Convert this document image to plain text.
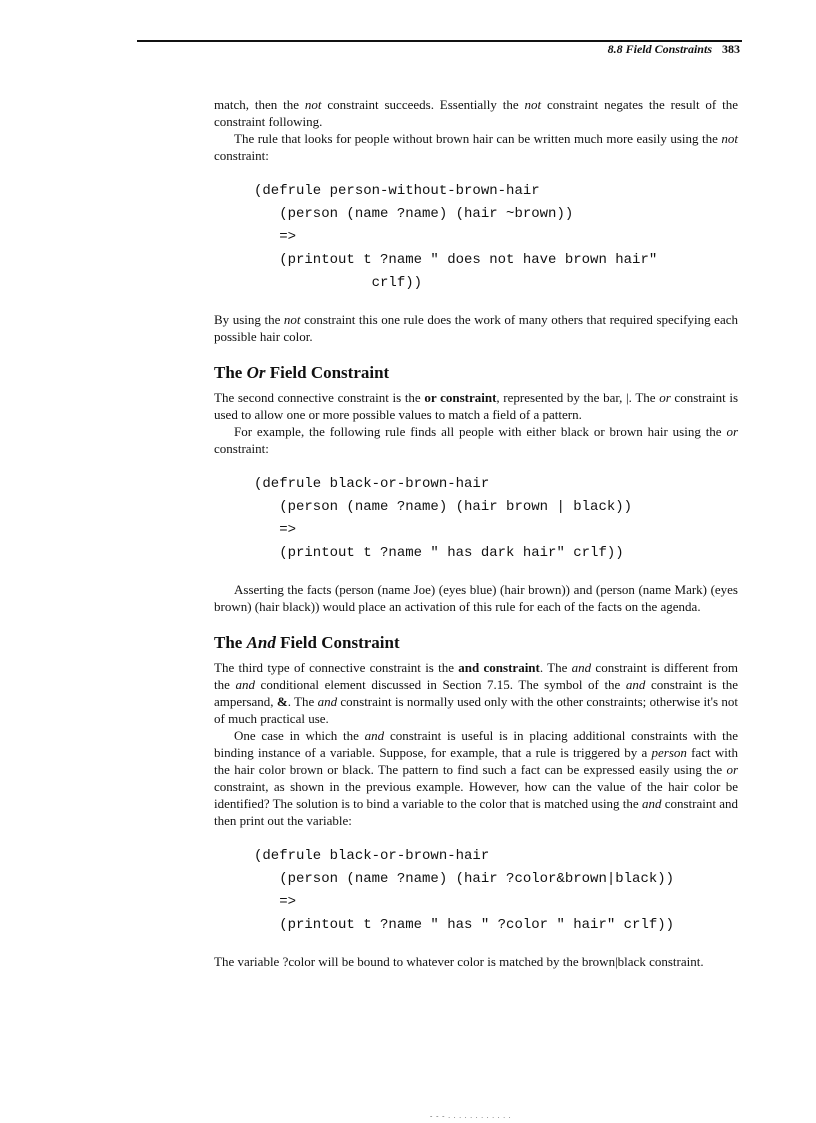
8.8 Field Constraints 383

match, then the not constraint succeeds. Essentially the not constraint negates the result of the constraint following.

The rule that looks for people without brown hair can be written much more easily using the not constraint:

(defrule person-without-brown-hair
(person (name ?name) (hair ~brown))
=>
(printout t ?name " does not have brown hair"
crlf))

By using the not constraint this one rule does the work of many others that required specifying each possible hair color.

The Or Field Constraint

The second connective constraint is the or constraint, represented by the bar, |. The or constraint is used to allow one or more possible values to match a field of a pattern.

For example, the following rule finds all people with either black or brown hair using the or constraint:

(defrule black-or-brown-hair
(person (name ?name) (hair brown | black))
=>
(printout t ?name " has dark hair" crlf))

Asserting the facts (person (name Joe) (eyes blue) (hair brown)) and (person (name Mark) (eyes brown) (hair black)) would place an activation of this rule for each of the facts on the agenda.

The And Field Constraint

The third type of connective constraint is the and constraint. The and constraint is different from the and conditional element discussed in Section 7.15. The symbol of the and constraint is the ampersand, &. The and constraint is normally used only with the other constraints; otherwise it's not of much practical use.

One case in which the and constraint is useful is in placing additional constraints with the binding instance of a variable. Suppose, for example, that a rule is triggered by a person fact with the hair color brown or black. The pattern to find such a fact can be expressed easily using the or constraint, as shown in the previous example. However, how can the value of the hair color be identified? The solution is to bind a variable to the color that is matched using the and constraint and then print out the variable:

(defrule black-or-brown-hair
(person (name ?name) (hair ?color&brown|black))
=>
(printout t ?name " has " ?color " hair" crlf))

The variable ?color will be bound to whatever color is matched by the brown|black constraint.

- - - . . . . . . . . . . . .
